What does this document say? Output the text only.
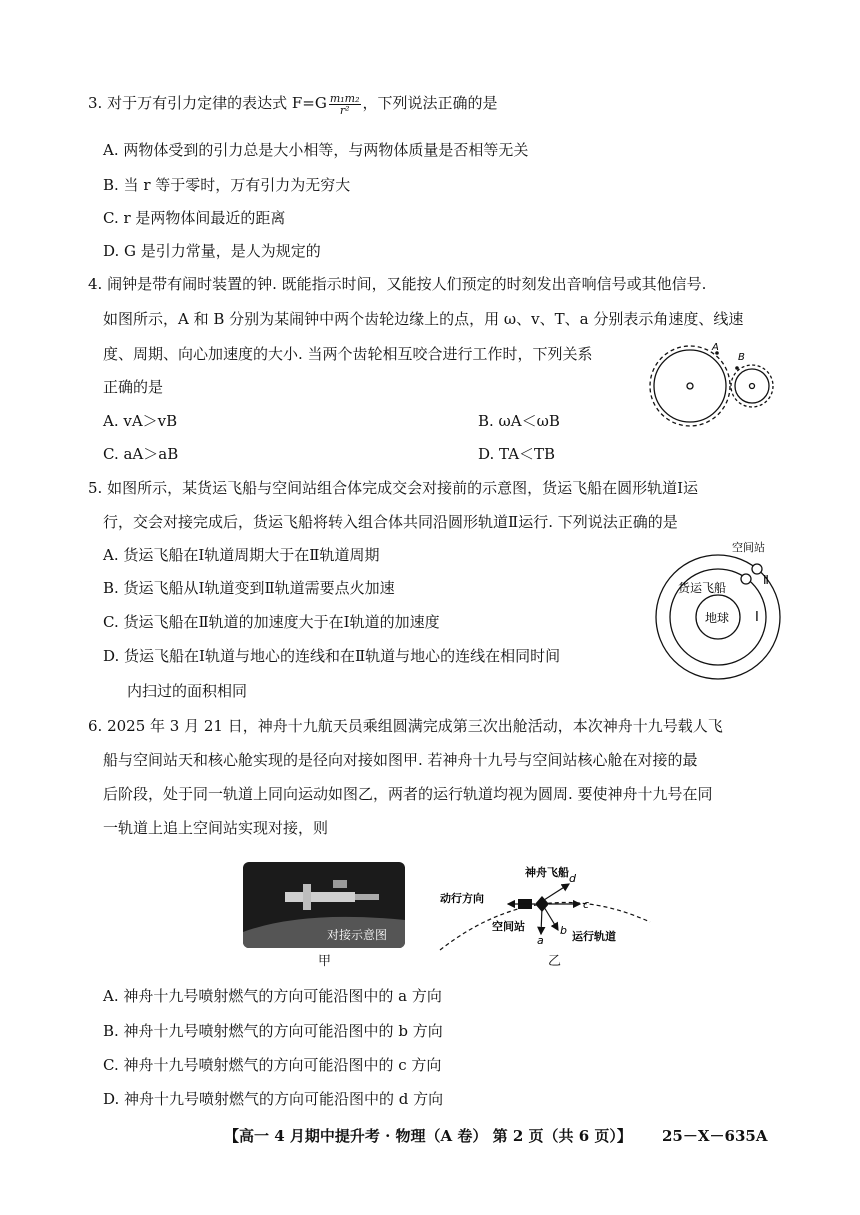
3. 对于万有引力定律的表达式 $F=G \frac{\text{m₁m₂}}{\text{r²}}$ ，下列说法正确的是
A. 两物体受到的引力总是大小相等，与两物体质量是否相等无关
B. 当 r 等于零时，万有引力为无穷大
C. r 是两物体间最近的距离
D. G 是引力常量，是人为规定的
4. 闹钟是带有闹时装置的钟. 既能指示时间，又能按人们预定的时刻发出音响信号或其他信号.
如图所示，A 和 B 分别为某闹钟中两个齿轮边缘上的点，用 ω、v、T、a 分别表示角速度、线速
度、周期、向心加速度的大小. 当两个齿轮相互咬合进行工作时，下列关系
正确的是
A. vA＞vB	B. ωA＜ωB
C. aA＞aB	D. TA＜TB
A
B
5. 如图所示，某货运飞船与空间站组合体完成交会对接前的示意图，货运飞船在圆形轨道Ⅰ运
行，交会对接完成后，货运飞船将转入组合体共同沿圆形轨道Ⅱ运行. 下列说法正确的是
A. 货运飞船在Ⅰ轨道周期大于在Ⅱ轨道周期
B. 货运飞船从Ⅰ轨道变到Ⅱ轨道需要点火加速
C. 货运飞船在Ⅱ轨道的加速度大于在Ⅰ轨道的加速度
D. 货运飞船在Ⅰ轨道与地心的连线和在Ⅱ轨道与地心的连线在相同时间
内扫过的面积相同
空间站
货运飞船
地球 Ⅰ
Ⅱ
6. 2025 年 3 月 21 日，神舟十九航天员乘组圆满完成第三次出舱活动，本次神舟十九号载人飞
船与空间站天和核心舱实现的是径向对接如图甲. 若神舟十九号与空间站核心舱在对接的最
后阶段，处于同一轨道上同向运动如图乙，两者的运行轨道均视为圆周. 要使神舟十九号在同
一轨道上追上空间站实现对接，则
对接示意图
甲
神舟飞船
动行方向
空间站
运行轨道
a
b
c
d
乙
A. 神舟十九号喷射燃气的方向可能沿图中的 a 方向
B. 神舟十九号喷射燃气的方向可能沿图中的 b 方向
C. 神舟十九号喷射燃气的方向可能沿图中的 c 方向
D. 神舟十九号喷射燃气的方向可能沿图中的 d 方向
【高一 4 月期中提升考 · 物理（A 卷） 第 2 页（共 6 页）】 25－X－635A
